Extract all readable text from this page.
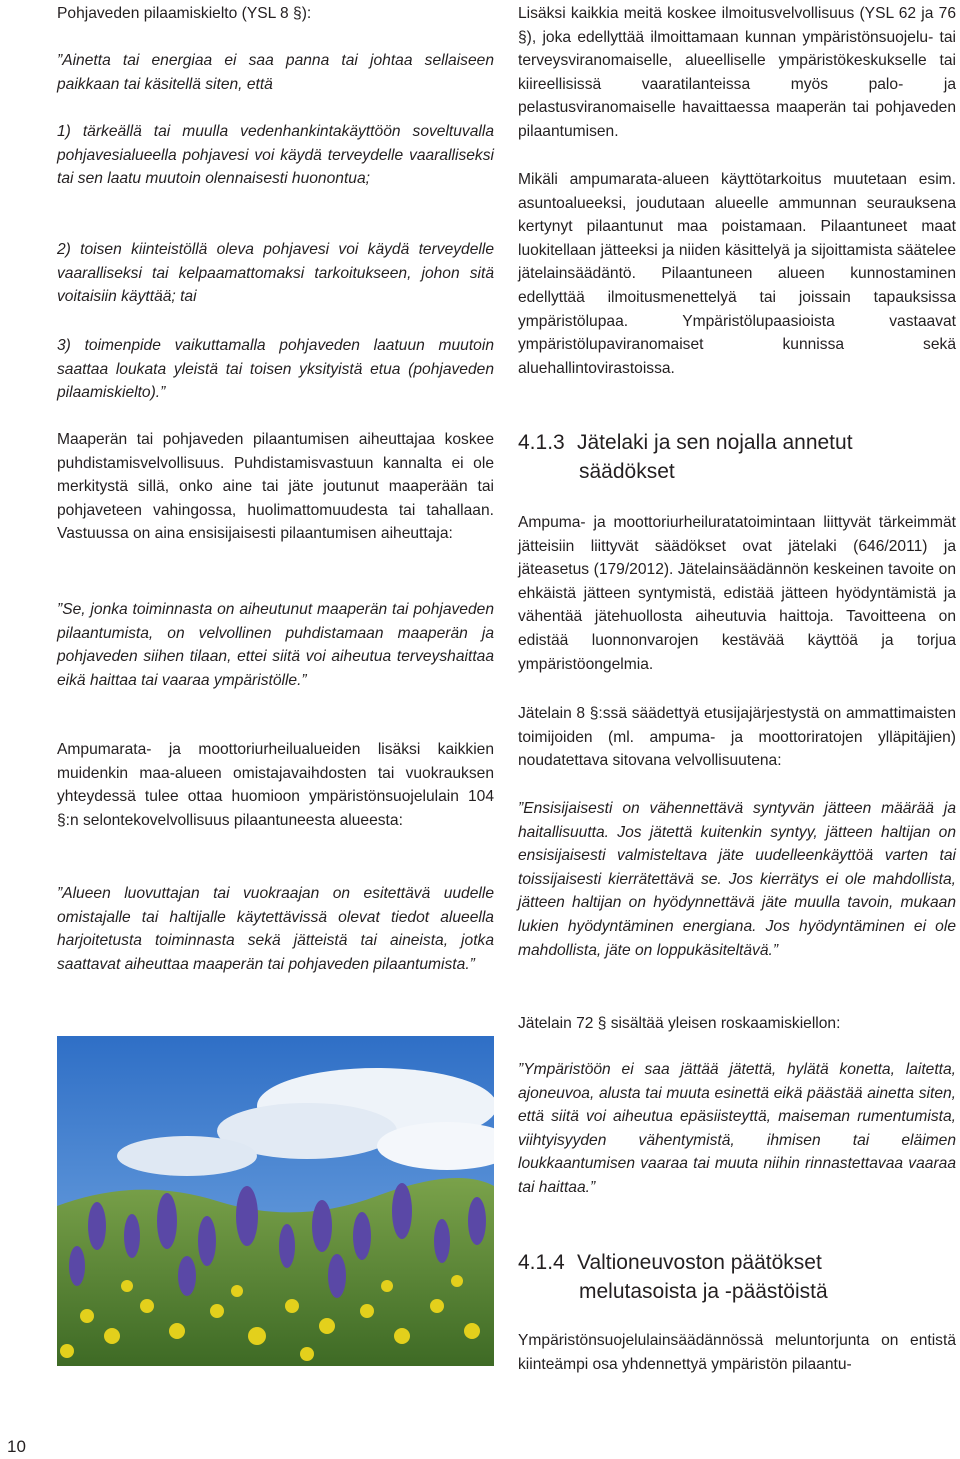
Pohjaveden pilaamiskielto (YSL 8 §):

”Ainetta tai energiaa ei saa panna tai johtaa sellaiseen paikkaan tai käsitellä siten, että

1) tärkeällä tai muulla vedenhankintakäyttöön soveltuvalla pohjavesialueella pohjavesi voi käydä terveydelle vaaralliseksi tai sen laatu muutoin olennaisesti huonontua;

2) toisen kiinteistöllä oleva pohjavesi voi käydä terveydelle vaaralliseksi tai kelpaamattomaksi tarkoitukseen, johon sitä voitaisiin käyttää; tai

3) toimenpide vaikuttamalla pohjaveden laatuun muutoin saattaa loukata yleistä tai toisen yksityistä etua (pohjaveden pilaamiskielto).”

Maaperän tai pohjaveden pilaantumisen aiheuttajaa koskee puhdistamisvelvollisuus. Puhdistamisvastuun kannalta ei ole merkitystä sillä, onko aine tai jäte joutunut maaperään tai pohjaveteen vahingossa, huolimattomuudesta tai tahallaan. Vastuussa on aina ensisijaisesti pilaantumisen aiheuttaja:

”Se, jonka toiminnasta on aiheutunut maaperän tai pohjaveden pilaantumista, on velvollinen puhdistamaan maaperän ja pohjaveden siihen tilaan, ettei siitä voi aiheutua terveyshaittaa eikä haittaa tai vaaraa ympäristölle.”

Ampumarata- ja moottoriurheilualueiden lisäksi kaikkien muidenkin maa-alueen omistajavaihdosten tai vuokrauksen yhteydessä tulee ottaa huomioon ympäristönsuojelulain 104 §:n selontekovelvollisuus pilaantuneesta alueesta:

”Alueen luovuttajan tai vuokraajan on esitettävä uudelle omistajalle tai haltijalle käytettävissä olevat tiedot alueella harjoitetusta toiminnasta sekä jätteistä tai aineista, jotka saattavat aiheuttaa maaperän tai pohjaveden pilaantumista.”

Lisäksi kaikkia meitä koskee ilmoitusvelvollisuus (YSL 62 ja 76 §), joka edellyttää ilmoittamaan kunnan ympäristönsuojelu- tai terveysviranomaiselle, alueelliselle ympäristökeskukselle tai kiireellisissä vaaratilanteissa myös palo- ja pelastusviranomaiselle havaittaessa maaperän tai pohjaveden pilaantumisen.

Mikäli ampumarata-alueen käyttötarkoitus muutetaan esim. asuntoalueeksi, joudutaan alueelle ammunnan seurauksena kertynyt pilaantunut maa poistamaan. Pilaantuneet maat luokitellaan jätteeksi ja niiden käsittelyä ja sijoittamista säätelee jätelainsäädäntö. Pilaantuneen alueen kunnostaminen edellyttää ilmoitusmenettelyä tai joissain tapauksissa ympäristölupaa. Ympäristölupaasioista vastaavat ympäristölupaviranomaiset kunnissa sekä aluehallintovirastoissa.

4.1.3 Jätelaki ja sen nojalla annetut
säädökset

Ampuma- ja moottoriurheiluratatoimintaan liittyvät tärkeimmät jätteisiin liittyvät säädökset ovat jätelaki (646/2011) ja jäteasetus (179/2012). Jätelainsäädännön keskeinen tavoite on ehkäistä jätteen syntymistä, edistää jätteen hyödyntämistä ja vähentää jätehuollosta aiheutuvia haittoja. Tavoitteena on edistää luonnonvarojen kestävää käyttöä ja torjua ympäristöongelmia.

Jätelain 8 §:ssä säädettyä etusijajärjestystä on ammattimaisten toimijoiden (ml. ampuma- ja moottoriratojen ylläpitäjien) noudatettava sitovana velvollisuutena:

”Ensisijaisesti on vähennettävä syntyvän jätteen määrää ja haitallisuutta. Jos jätettä kuitenkin syntyy, jätteen haltijan on ensisijaisesti valmisteltava jäte uudelleenkäyttöä varten tai toissijaisesti kierrätettävä se. Jos kierrätys ei ole mahdollista, jätteen haltijan on hyödynnettävä jäte muulla tavoin, mukaan lukien hyödyntäminen energiana. Jos hyödyntäminen ei ole mahdollista, jäte on loppukäsiteltävä.”

Jätelain 72 § sisältää yleisen roskaamiskiellon:

”Ympäristöön ei saa jättää jätettä, hylätä konetta, laitetta, ajoneuvoa, alusta tai muuta esinettä eikä päästää ainetta siten, että siitä voi aiheutua epäsiisteyttä, maiseman rumentumista, viihtyisyyden vähentymistä, ihmisen tai eläimen loukkaantumisen vaaraa tai muuta niihin rinnastettavaa vaaraa tai haittaa.”

4.1.4 Valtioneuvoston päätökset
melutasoista ja -päästöistä

Ympäristönsuojelulainsäädännössä meluntorjunta on entistä kiinteämpi osa yhdennettyä ympäristön pilaantu-

10
